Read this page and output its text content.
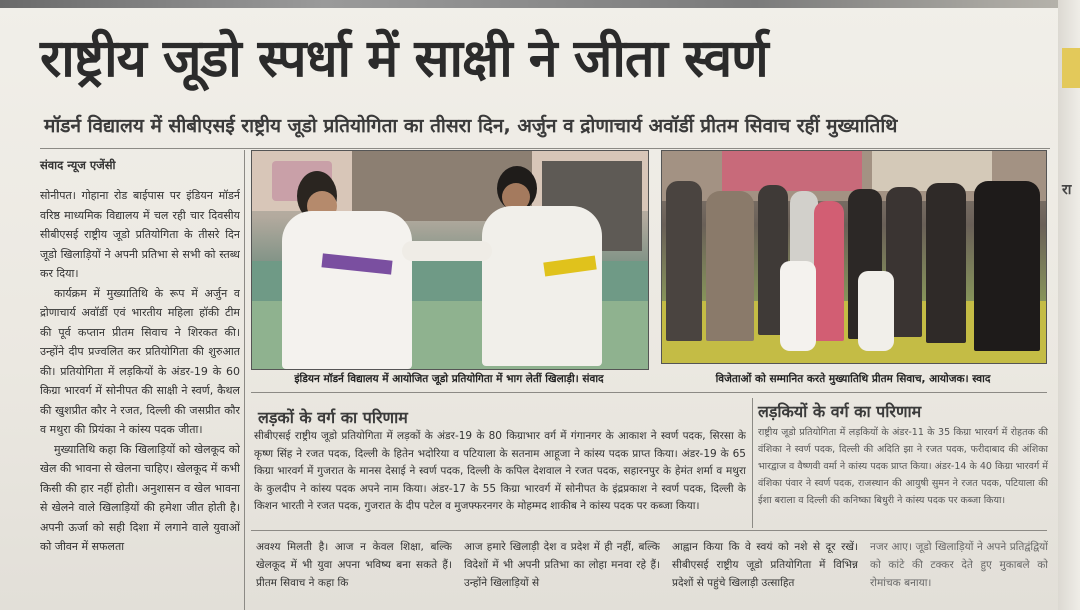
राष्ट्रीय जूडो स्पर्धा में साक्षी ने जीता स्वर्ण
मॉडर्न विद्यालय में सीबीएसई राष्ट्रीय जूडो प्रतियोगिता का तीसरा दिन, अर्जुन व द्रोणाचार्य अवॉर्डी प्रीतम सिवाच रहीं मुख्यातिथि
संवाद न्यूज एजेंसी

सोनीपत। गोहाना रोड बाईपास पर इंडियन मॉडर्न वरिष्ठ माध्यमिक विद्यालय में चल रही चार दिवसीय सीबीएसई राष्ट्रीय जूडो प्रतियोगिता के तीसरे दिन जूडो खिलाड़ियों ने अपनी प्रतिभा से सभी को स्तब्ध कर दिया।

कार्यक्रम में मुख्यातिथि के रूप में अर्जुन व द्रोणाचार्य अवॉर्डी एवं भारतीय महिला हॉकी टीम की पूर्व कप्तान प्रीतम सिवाच ने शिरकत की। उन्होंने दीप प्रज्वलित कर प्रतियोगिता की शुरुआत की। प्रतियोगिता में लड़कियों के अंडर-19 के 60 किग्रा भारवर्ग में सोनीपत की साक्षी ने स्वर्ण, कैथल की खुशप्रीत कौर ने रजत, दिल्ली की जसप्रीत कौर व मथुरा की प्रियंका ने कांस्य पदक जीता।

मुख्यातिथि कहा कि खिलाड़ियों को खेलकूद को खेल की भावना से खेलना चाहिए। खेलकूद में कभी किसी की हार नहीं होती। अनुशासन व खेल भावना से खेलने वाले खिलाड़ियों की हमेशा जीत होती है। अपनी ऊर्जा को सही दिशा में लगाने वाले युवाओं को जीवन में सफलता

इंडियन मॉडर्न विद्यालय में आयोजित जूडो प्रतियोगिता में भाग लेतीं खिलाड़ी। संवाद	विजेताओं को सम्मानित करते मुख्यातिथि प्रीतम सिवाच, आयोजक। स्वाद
लड़कों के वर्ग का परिणाम
सीबीएसई राष्ट्रीय जूडो प्रतियोगिता में लड़कों के अंडर-19 के 80 किग्राभार वर्ग में गंगानगर के आकाश ने स्वर्ण पदक, सिरसा के कृष्ण सिंह ने रजत पदक, दिल्ली के हितेन भदोरिया व पटियाला के सतनाम आहूजा ने कांस्य पदक प्राप्त किया। अंडर-19 के 65 किग्रा भारवर्ग में गुजरात के मानस देसाई ने स्वर्ण पदक, दिल्ली के कपिल देशवाल ने रजत पदक, सहारनपुर के हेमंत शर्मा व मथुरा के कुलदीप ने कांस्य पदक अपने नाम किया। अंडर-17 के 55 किग्रा भारवर्ग में सोनीपत के इंद्रप्रकाश ने स्वर्ण पदक, दिल्ली के किशन भारती ने रजत पदक, गुजरात के दीप पटेल व मुजफ्फरनगर के मोहम्मद शाकीब ने कांस्य पदक पर कब्जा किया।
लड़कियों के वर्ग का परिणाम
राष्ट्रीय जूडो प्रतियोगिता में लड़कियों के अंडर-11 के 35 किग्रा भारवर्ग में रोहतक की वंशिका ने स्वर्ण पदक, दिल्ली की अदिति झा ने रजत पदक, फरीदाबाद की अंशिका भारद्वाज व वैष्णवी वर्मा ने कांस्य पदक प्राप्त किया। अंडर-14 के 40 किग्रा भारवर्ग में वंशिका पंवार ने स्वर्ण पदक, राजस्थान की आयुषी सुमन ने रजत पदक, पटियाला की ईशा बराला व दिल्ली की कनिष्का बिधुरी ने कांस्य पदक पर कब्जा किया।
अवश्य मिलती है। आज न केवल शिक्षा, बल्कि खेलकूद में भी युवा अपना भविष्य बना सकते हैं। प्रीतम सिवाच ने कहा कि
आज हमारे खिलाड़ी देश व प्रदेश में ही नहीं, बल्कि विदेशों में भी अपनी प्रतिभा का लोहा मनवा रहे हैं। उन्होंने खिलाड़ियों से
आह्वान किया कि वे स्वयं को नशे से दूर रखें। सीबीएसई राष्ट्रीय जूडो प्रतियोगिता में विभिन्न प्रदेशों से पहुंचे खिलाड़ी उत्साहित
नजर आए। जूडो खिलाड़ियों ने अपने प्रतिद्वंद्वियों को कांटे की टक्कर देते हुए मुकाबले को रोमांचक बनाया।
रा
